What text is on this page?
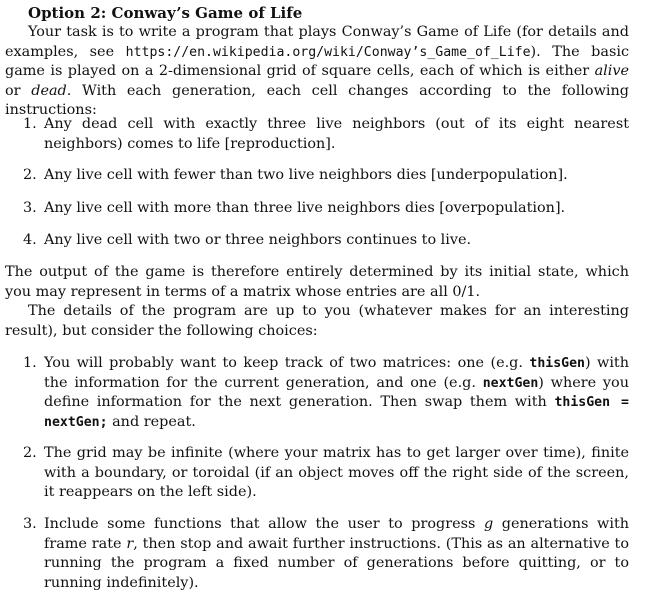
Option 2: Conway’s Game of Life
Your task is to write a program that plays Conway’s Game of Life (for details and examples, see https://en.wikipedia.org/wiki/Conway’s_Game_of_Life). The basic game is played on a 2-dimensional grid of square cells, each of which is either alive or dead. With each generation, each cell changes according to the following instructions:
1. Any dead cell with exactly three live neighbors (out of its eight nearest neighbors) comes to life [reproduction].
2. Any live cell with fewer than two live neighbors dies [underpopulation].
3. Any live cell with more than three live neighbors dies [overpopulation].
4. Any live cell with two or three neighbors continues to live.
The output of the game is therefore entirely determined by its initial state, which you may represent in terms of a matrix whose entries are all 0/1.
The details of the program are up to you (whatever makes for an interesting result), but consider the following choices:
1. You will probably want to keep track of two matrices: one (e.g. thisGen) with the information for the current generation, and one (e.g. nextGen) where you define information for the next generation. Then swap them with thisGen = nextGen; and repeat.
2. The grid may be infinite (where your matrix has to get larger over time), finite with a boundary, or toroidal (if an object moves off the right side of the screen, it reappears on the left side).
3. Include some functions that allow the user to progress g generations with frame rate r, then stop and await further instructions. (This as an alternative to running the program a fixed number of generations before quitting, or to running indefinitely).
